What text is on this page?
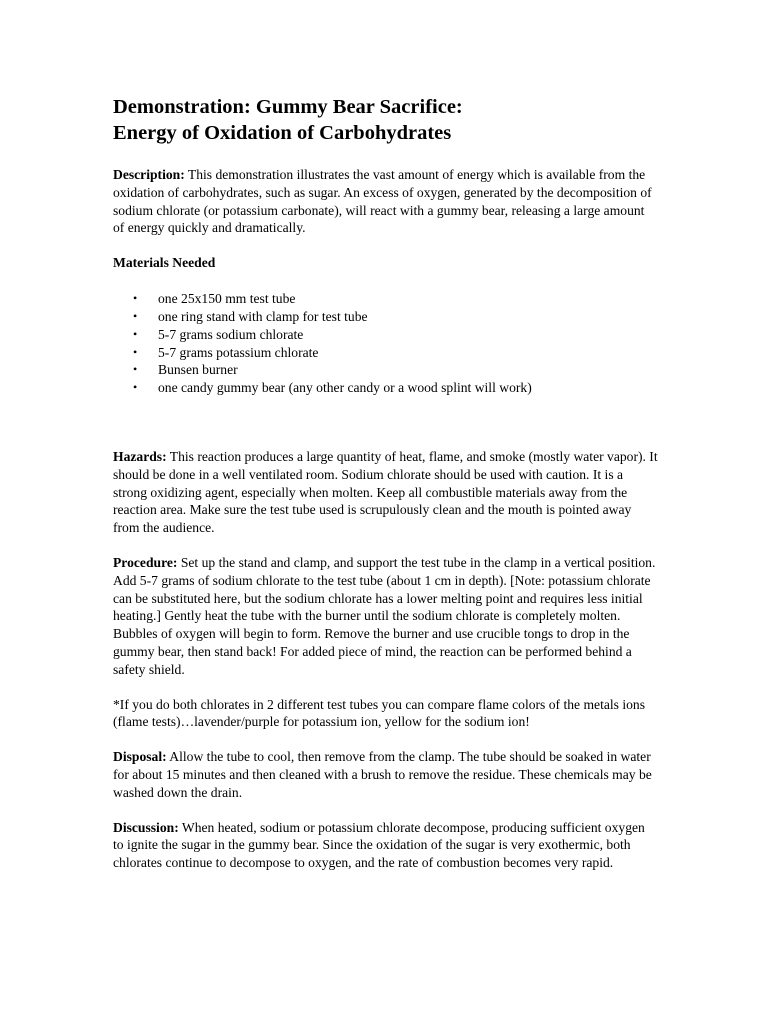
Demonstration: Gummy Bear Sacrifice:
Energy of Oxidation of Carbohydrates

Description: This demonstration illustrates the vast amount of energy which is available from the oxidation of carbohydrates, such as sugar. An excess of oxygen, generated by the decomposition of sodium chlorate (or potassium carbonate), will react with a gummy bear, releasing a large amount of energy quickly and dramatically.

Materials Needed

• one 25x150 mm test tube
• one ring stand with clamp for test tube
• 5-7 grams sodium chlorate
• 5-7 grams potassium chlorate
• Bunsen burner
• one candy gummy bear (any other candy or a wood splint will work)

Hazards: This reaction produces a large quantity of heat, flame, and smoke (mostly water vapor). It should be done in a well ventilated room. Sodium chlorate should be used with caution. It is a strong oxidizing agent, especially when molten. Keep all combustible materials away from the reaction area. Make sure the test tube used is scrupulously clean and the mouth is pointed away from the audience.

Procedure: Set up the stand and clamp, and support the test tube in the clamp in a vertical position. Add 5-7 grams of sodium chlorate to the test tube (about 1 cm in depth). [Note: potassium chlorate can be substituted here, but the sodium chlorate has a lower melting point and requires less initial heating.] Gently heat the tube with the burner until the sodium chlorate is completely molten. Bubbles of oxygen will begin to form. Remove the burner and use crucible tongs to drop in the gummy bear, then stand back! For added piece of mind, the reaction can be performed behind a safety shield.

*If you do both chlorates in 2 different test tubes you can compare flame colors of the metals ions (flame tests)…lavender/purple for potassium ion, yellow for the sodium ion!

Disposal: Allow the tube to cool, then remove from the clamp. The tube should be soaked in water for about 15 minutes and then cleaned with a brush to remove the residue. These chemicals may be washed down the drain.

Discussion: When heated, sodium or potassium chlorate decompose, producing sufficient oxygen to ignite the sugar in the gummy bear. Since the oxidation of the sugar is very exothermic, both chlorates continue to decompose to oxygen, and the rate of combustion becomes very rapid.
